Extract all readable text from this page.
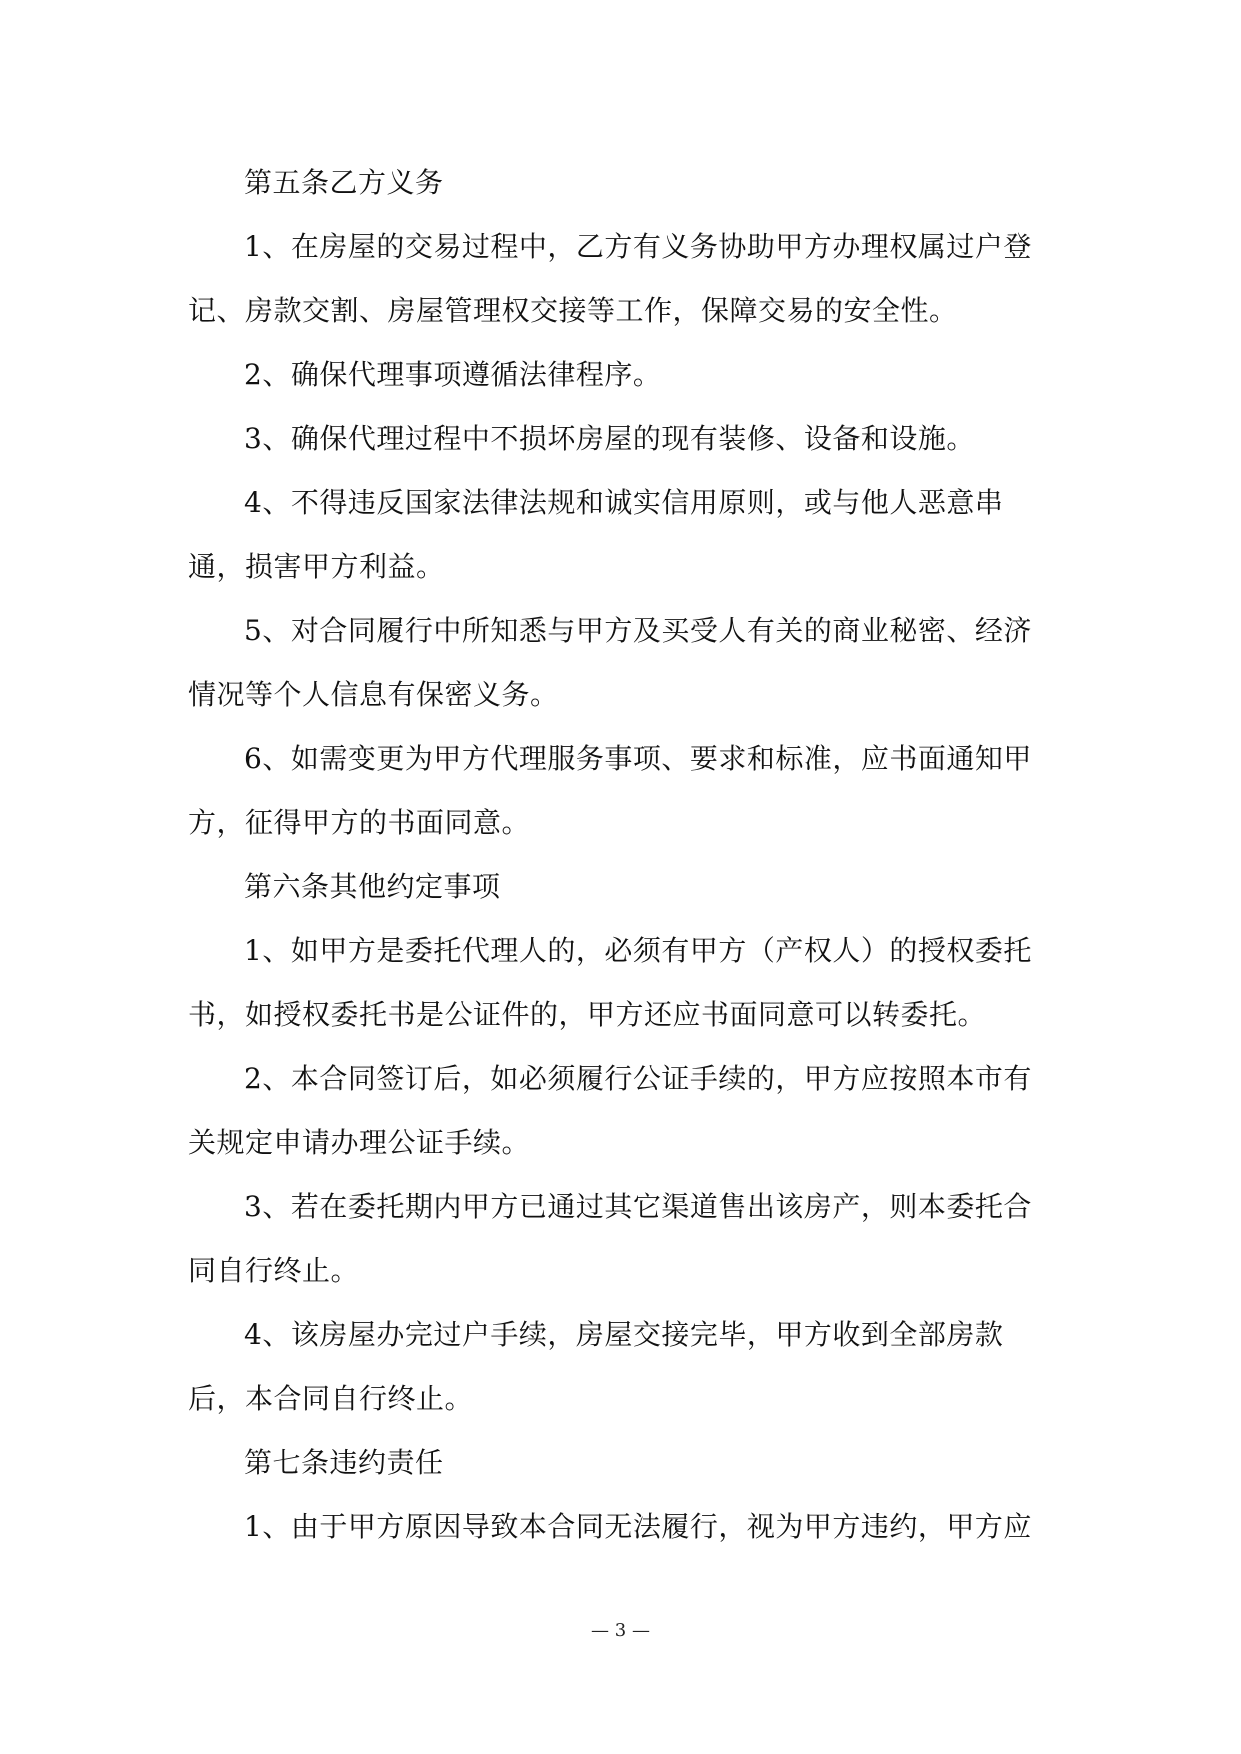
第五条乙方义务

1、在房屋的交易过程中，乙方有义务协助甲方办理权属过户登记、房款交割、房屋管理权交接等工作，保障交易的安全性。

2、确保代理事项遵循法律程序。

3、确保代理过程中不损坏房屋的现有装修、设备和设施。

4、不得违反国家法律法规和诚实信用原则，或与他人恶意串通，损害甲方利益。

5、对合同履行中所知悉与甲方及买受人有关的商业秘密、经济情况等个人信息有保密义务。

6、如需变更为甲方代理服务事项、要求和标准，应书面通知甲方，征得甲方的书面同意。

第六条其他约定事项

1、如甲方是委托代理人的，必须有甲方（产权人）的授权委托书，如授权委托书是公证件的，甲方还应书面同意可以转委托。

2、本合同签订后，如必须履行公证手续的，甲方应按照本市有关规定申请办理公证手续。

3、若在委托期内甲方已通过其它渠道售出该房产，则本委托合同自行终止。

4、该房屋办完过户手续，房屋交接完毕，甲方收到全部房款后，本合同自行终止。

第七条违约责任

1、由于甲方原因导致本合同无法履行，视为甲方违约，甲方应

— 3 —
